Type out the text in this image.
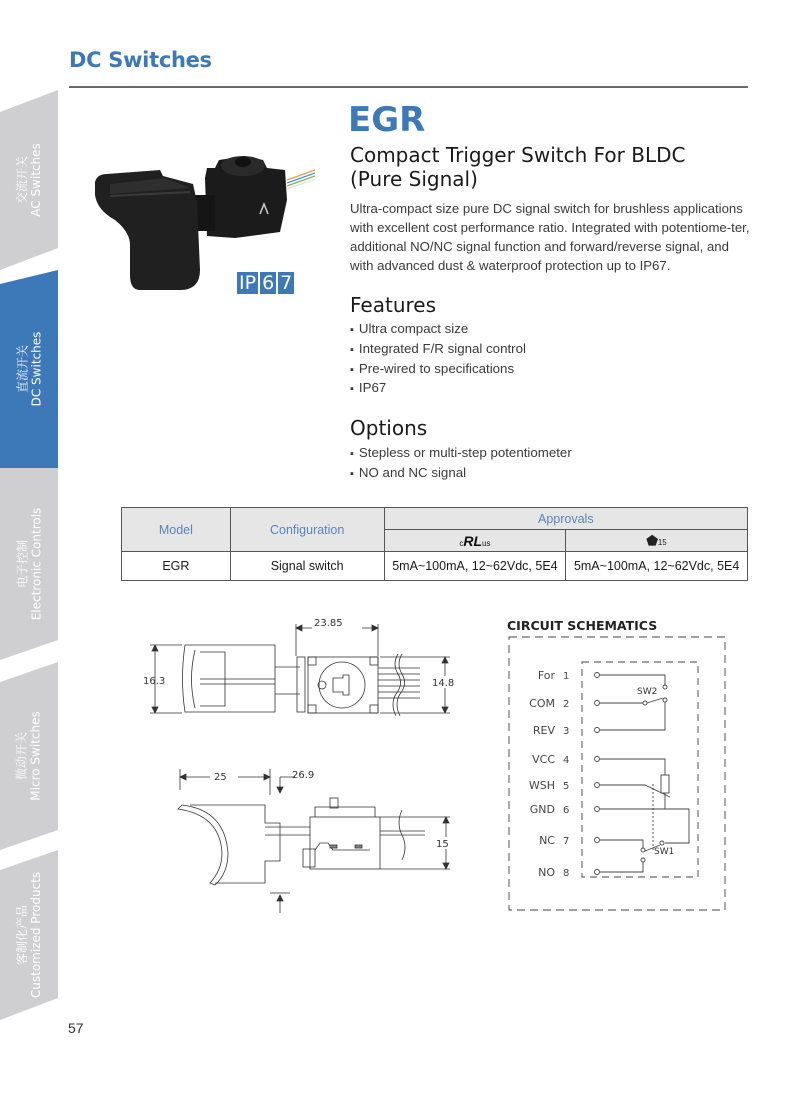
DC Switches
交流开关 AC Switches
直流开关 DC Switches
电子控制 Electronic Controls
微动开关 Micro Switches
客制化产品 Customized Products
IP 6 7
EGR
Compact Trigger Switch For BLDC
(Pure Signal)
Ultra-compact size pure DC signal switch for brushless applications with excellent cost performance ratio. Integrated with potentiome-ter, additional NO/NC signal function and forward/reverse signal, and with advanced dust & waterproof protection up to IP67.
Features
▪ Ultra compact size
▪ Integrated F/R signal control
▪ Pre-wired to specifications
▪ IP67
Options
▪ Stepless or multi-step potentiometer
▪ NO and NC signal
Model	Configuration	Approvals	
		cRLus	⬟15
EGR	Signal switch	5mA~100mA, 12~62Vdc, 5E4	5mA~100mA, 12~62Vdc, 5E4
16.3
23.85
14.8
25	26.9
15
CIRCUIT SCHEMATICS
For 1
COM 2
REV 3
VCC 4
WSH 5
GND 6
NC 7
NO 8
SW2
SW1
57
